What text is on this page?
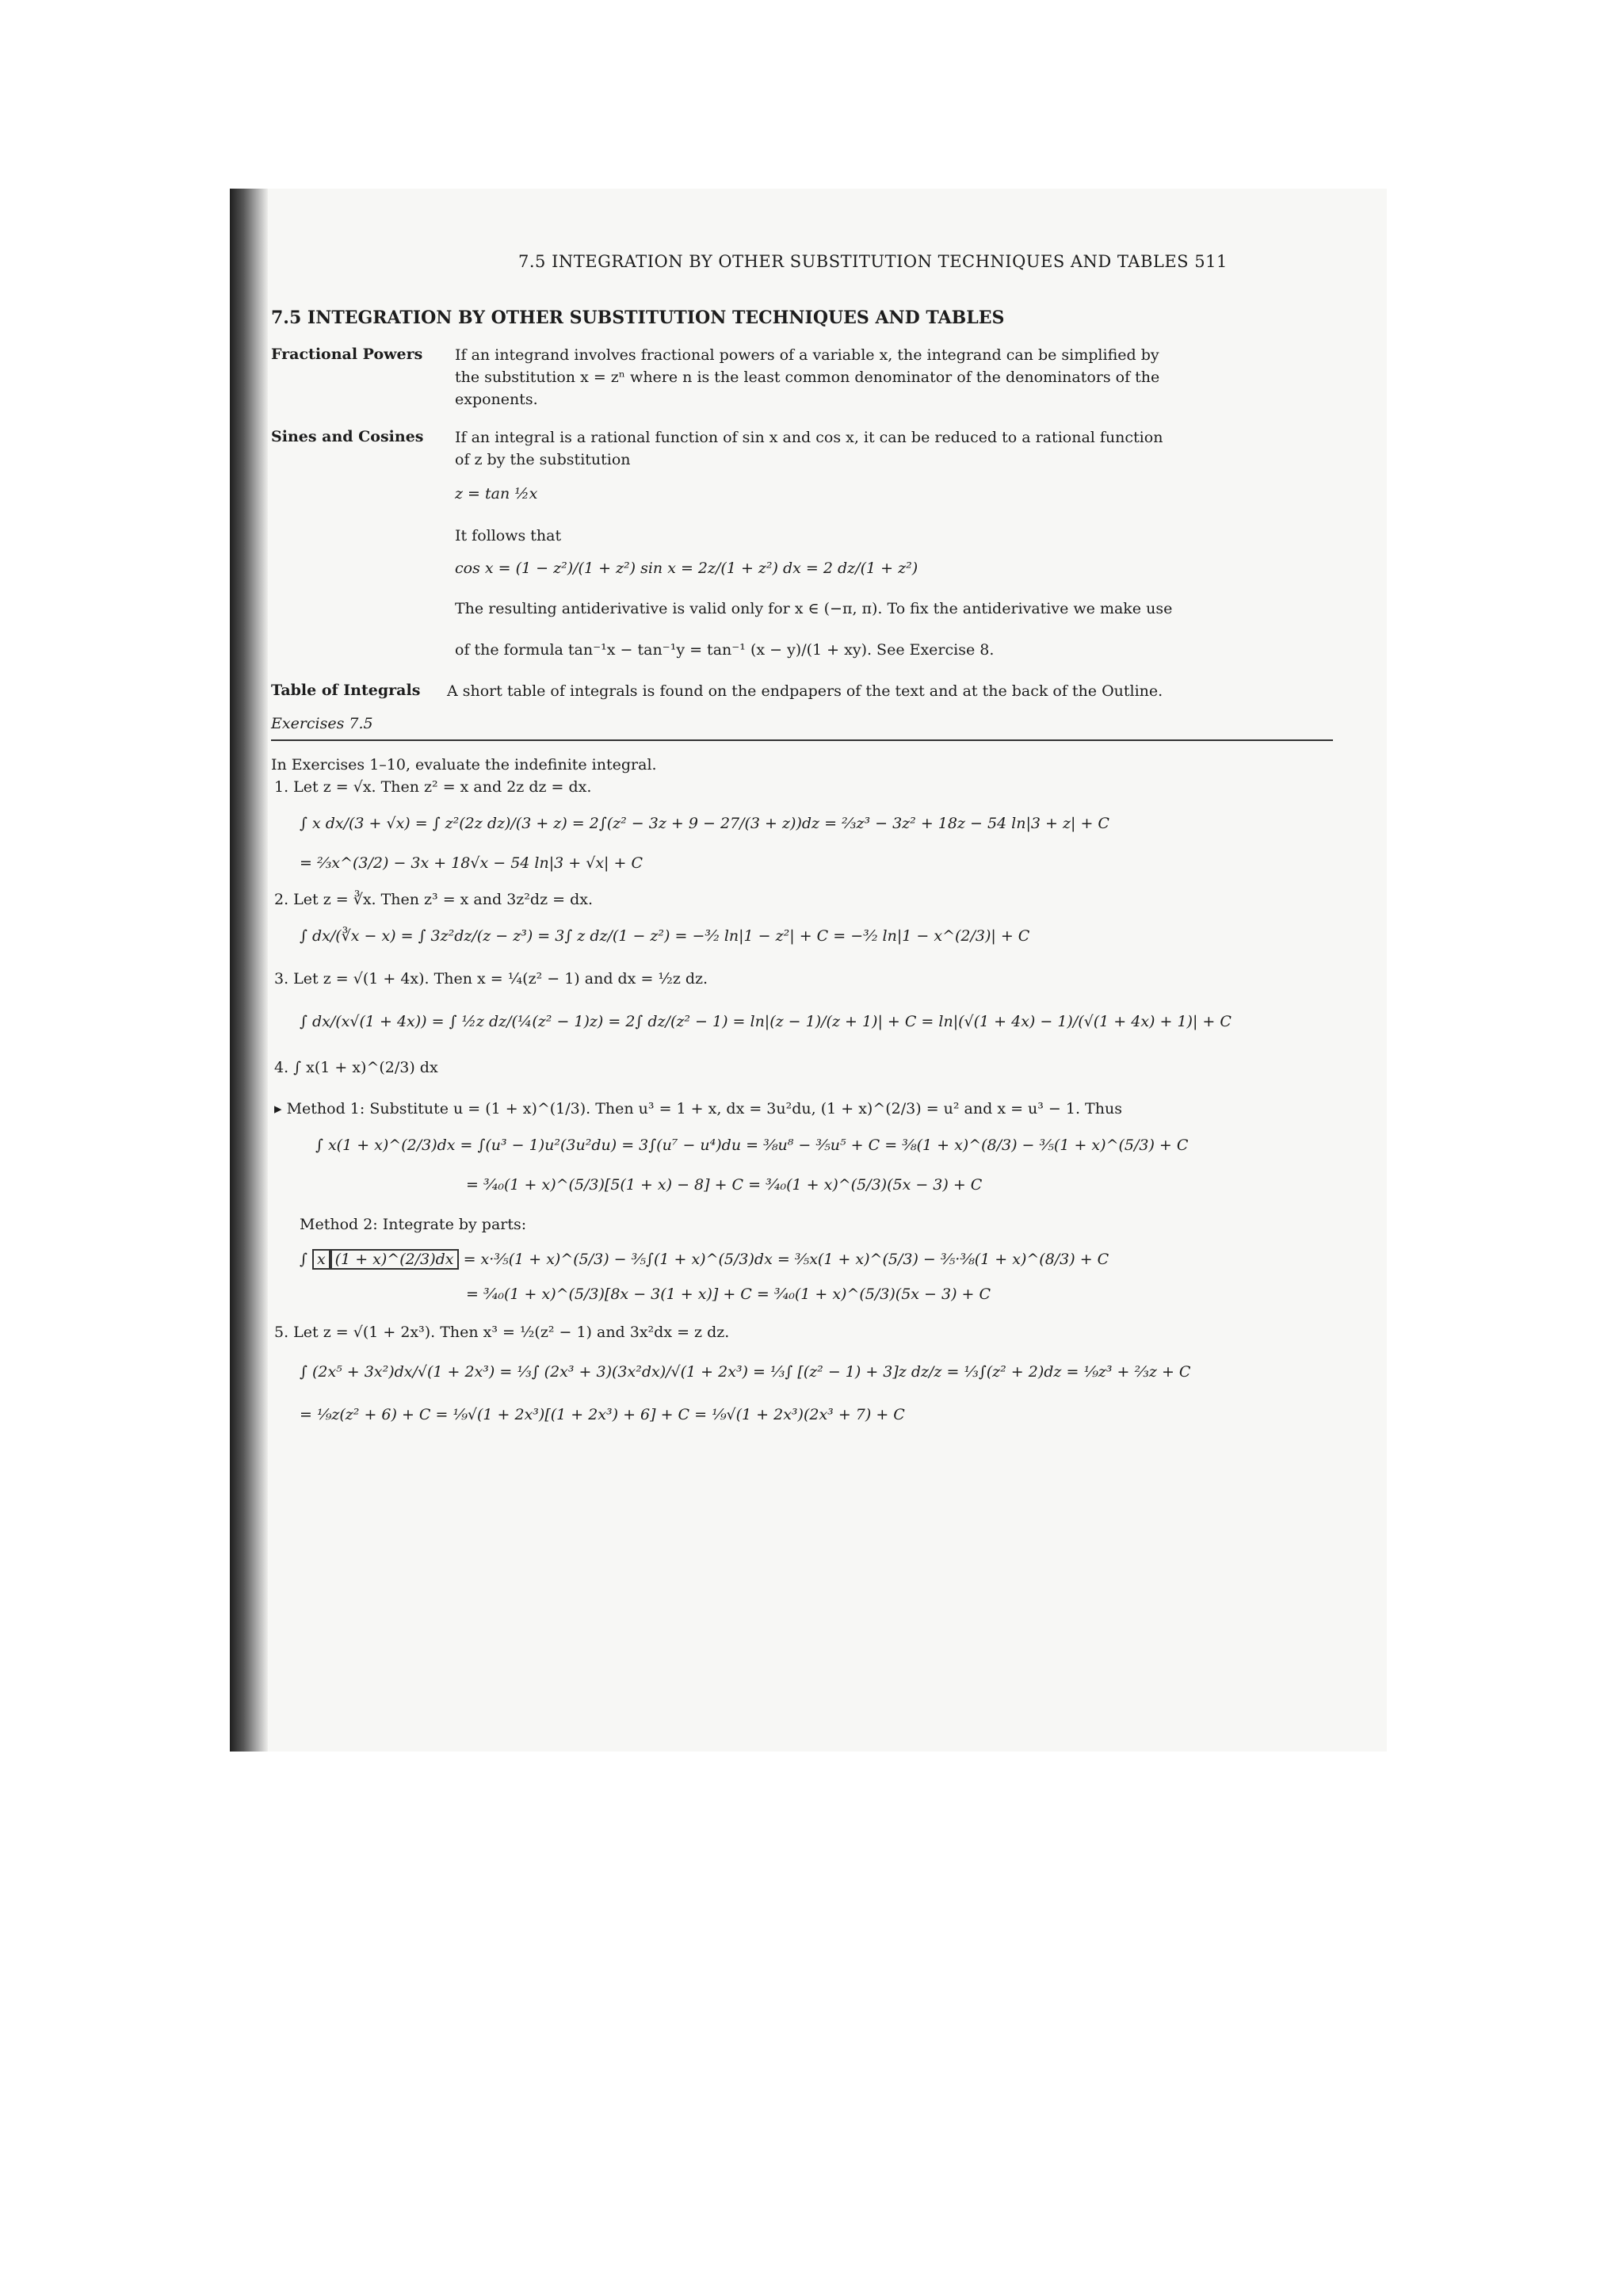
7.5 INTEGRATION BY OTHER SUBSTITUTION TECHNIQUES AND TABLES 511
7.5 INTEGRATION BY OTHER SUBSTITUTION TECHNIQUES AND TABLES
Fractional Powers If an integrand involves fractional powers of a variable x, the integrand can be simplified by
the substitution x = zⁿ where n is the least common denominator of the denominators of the
exponents.
Sines and Cosines If an integral is a rational function of sin x and cos x, it can be reduced to a rational function
of z by the substitution
z = tan ½x
It follows that
cos x = (1 − z²)/(1 + z²) sin x = 2z/(1 + z²) dx = 2 dz/(1 + z²)
The resulting antiderivative is valid only for x ∈ (−π, π). To fix the antiderivative we make use
of the formula tan⁻¹x − tan⁻¹y = tan⁻¹ (x − y)/(1 + xy). See Exercise 8.
Table of Integrals A short table of integrals is found on the endpapers of the text and at the back of the Outline.
Exercises 7.5
In Exercises 1–10, evaluate the indefinite integral.
1. Let z = √x. Then z² = x and 2z dz = dx.
∫ x dx/(3 + √x) = ∫ z²(2z dz)/(3 + z) = 2∫(z² − 3z + 9 − 27/(3 + z))dz = ⅔z³ − 3z² + 18z − 54 ln|3 + z| + C
= ⅔x^(3/2) − 3x + 18√x − 54 ln|3 + √x| + C
2. Let z = ∛x. Then z³ = x and 3z²dz = dx.
∫ dx/(∛x − x) = ∫ 3z²dz/(z − z³) = 3∫ z dz/(1 − z²) = −³⁄₂ ln|1 − z²| + C = −³⁄₂ ln|1 − x^(2/3)| + C
3. Let z = √(1 + 4x). Then x = ¼(z² − 1) and dx = ½z dz.
∫ dx/(x√(1 + 4x)) = ∫ ½z dz/(¼(z² − 1)z) = 2∫ dz/(z² − 1) = ln|(z − 1)/(z + 1)| + C = ln|(√(1 + 4x) − 1)/(√(1 + 4x) + 1)| + C
4. ∫ x(1 + x)^(2/3) dx
▸ Method 1: Substitute u = (1 + x)^(1/3). Then u³ = 1 + x, dx = 3u²du, (1 + x)^(2/3) = u² and x = u³ − 1. Thus
∫ x(1 + x)^(2/3)dx = ∫(u³ − 1)u²(3u²du) = 3∫(u⁷ − u⁴)du = ⅜u⁸ − ⅗u⁵ + C = ⅜(1 + x)^(8/3) − ⅗(1 + x)^(5/3) + C
= ³⁄₄₀(1 + x)^(5/3)[5(1 + x) − 8] + C = ³⁄₄₀(1 + x)^(5/3)(5x − 3) + C
Method 2: Integrate by parts:
∫ x (1 + x)^(2/3)dx = x·⅗(1 + x)^(5/3) − ⅗∫(1 + x)^(5/3)dx = ⅗x(1 + x)^(5/3) − ⅗·⅜(1 + x)^(8/3) + C
= ³⁄₄₀(1 + x)^(5/3)[8x − 3(1 + x)] + C = ³⁄₄₀(1 + x)^(5/3)(5x − 3) + C
5. Let z = √(1 + 2x³). Then x³ = ½(z² − 1) and 3x²dx = z dz.
∫ (2x⁵ + 3x²)dx/√(1 + 2x³) = ⅓∫ (2x³ + 3)(3x²dx)/√(1 + 2x³) = ⅓∫ [(z² − 1) + 3]z dz/z = ⅓∫(z² + 2)dz = ⅑z³ + ⅔z + C
= ⅑z(z² + 6) + C = ⅑√(1 + 2x³)[(1 + 2x³) + 6] + C = ⅑√(1 + 2x³)(2x³ + 7) + C
